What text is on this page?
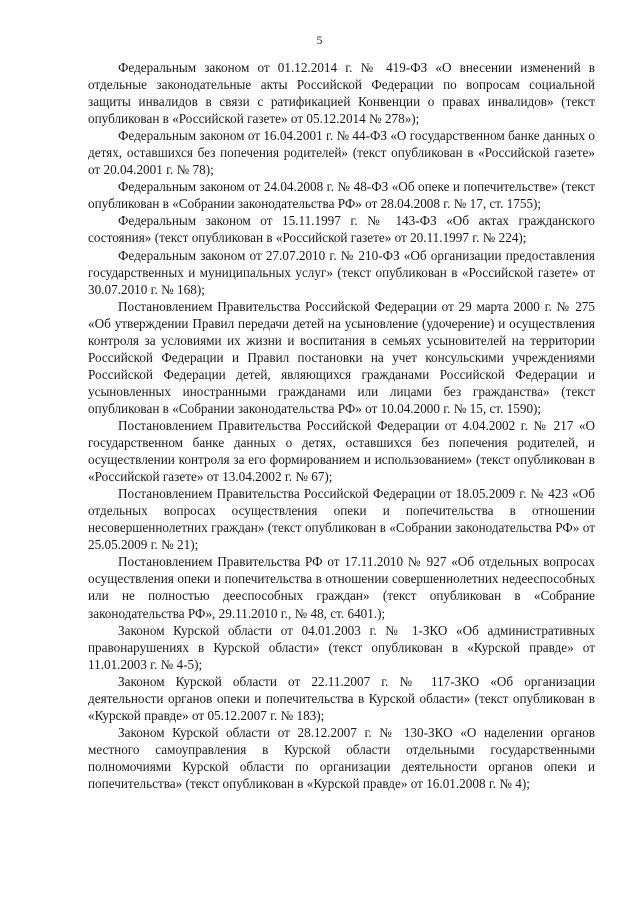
5

Федеральным законом от 01.12.2014 г. № 419-ФЗ «О внесении изменений в отдельные законодательные акты Российской Федерации по вопросам социальной защиты инвалидов в связи с ратификацией Конвенции о правах инвалидов» (текст опубликован в «Российской газете» от 05.12.2014 № 278»);

Федеральным законом от 16.04.2001 г. № 44-ФЗ «О государственном банке данных о детях, оставшихся без попечения родителей» (текст опубликован в «Российской газете» от 20.04.2001 г. № 78);

Федеральным законом от 24.04.2008 г. № 48-ФЗ «Об опеке и попечительстве» (текст опубликован в «Собрании законодательства РФ» от 28.04.2008 г. № 17, ст. 1755);

Федеральным законом от 15.11.1997 г. № 143-ФЗ «Об актах гражданского состояния» (текст опубликован в «Российской газете» от 20.11.1997 г. № 224);

Федеральным законом от 27.07.2010 г. № 210-ФЗ «Об организации предоставления государственных и муниципальных услуг» (текст опубликован в «Российской газете» от 30.07.2010 г. № 168);

Постановлением Правительства Российской Федерации от 29 марта 2000 г. № 275 «Об утверждении Правил передачи детей на усыновление (удочерение) и осуществления контроля за условиями их жизни и воспитания в семьях усыновителей на территории Российской Федерации и Правил постановки на учет консульскими учреждениями Российской Федерации детей, являющихся гражданами Российской Федерации и усыновленных иностранными гражданами или лицами без гражданства» (текст опубликован в «Собрании законодательства РФ» от 10.04.2000 г. № 15, ст. 1590);

Постановлением Правительства Российской Федерации от 4.04.2002 г. № 217 «О государственном банке данных о детях, оставшихся без попечения родителей, и осуществлении контроля за его формированием и использованием» (текст опубликован в «Российской газете» от 13.04.2002 г. № 67);

Постановлением Правительства Российской Федерации от 18.05.2009 г. № 423 «Об отдельных вопросах осуществления опеки и попечительства в отношении несовершеннолетних граждан» (текст опубликован в «Собрании законодательства РФ» от 25.05.2009 г. № 21);

Постановлением Правительства РФ от 17.11.2010 № 927 «Об отдельных вопросах осуществления опеки и попечительства в отношении совершеннолетних недееспособных или не полностью дееспособных граждан» (текст опубликован в «Собрание законодательства РФ», 29.11.2010 г., № 48, ст. 6401.);

Законом Курской области от 04.01.2003 г. № 1-ЗКО «Об административных правонарушениях в Курской области» (текст опубликован в «Курской правде» от 11.01.2003 г. № 4-5);

Законом Курской области от 22.11.2007 г. № 117-ЗКО «Об организации деятельности органов опеки и попечительства в Курской области» (текст опубликован в «Курской правде» от 05.12.2007 г. № 183);

Законом Курской области от 28.12.2007 г. № 130-ЗКО «О наделении органов местного самоуправления в Курской области отдельными государственными полномочиями Курской области по организации деятельности органов опеки и попечительства» (текст опубликован в «Курской правде» от 16.01.2008 г. № 4);
